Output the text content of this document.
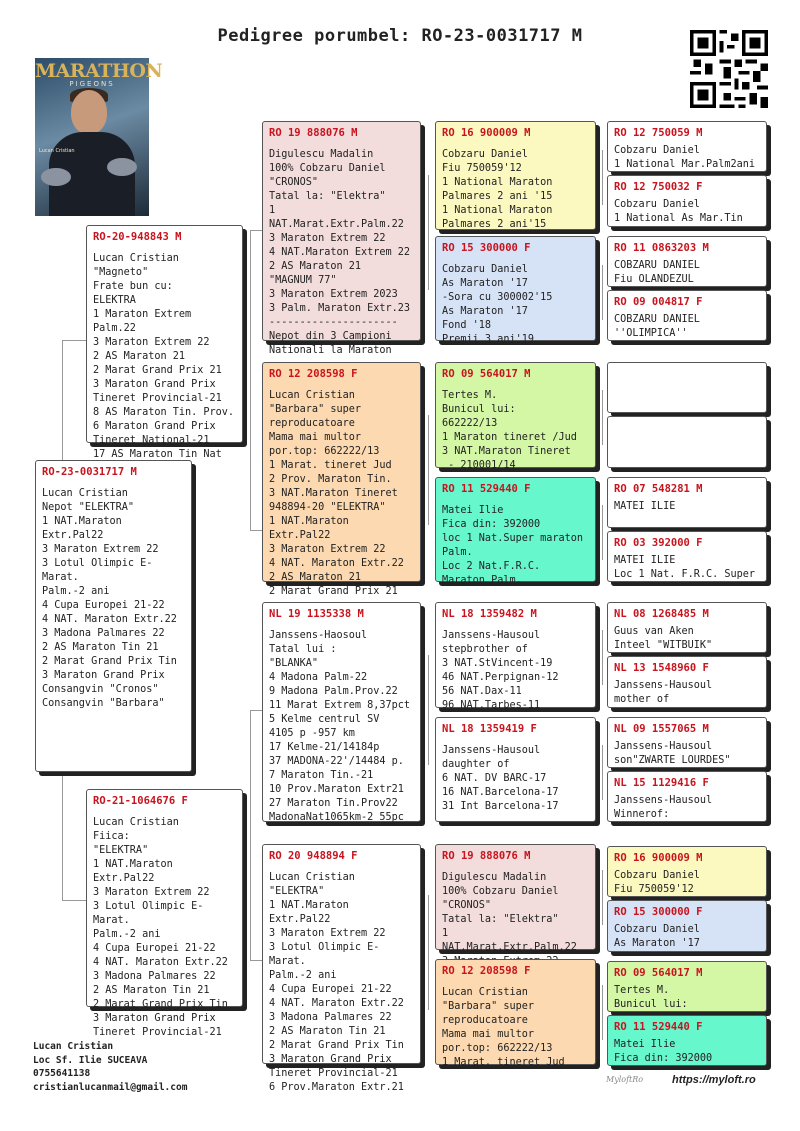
Pedigree porumbel: RO-23-0031717 M
MARATHON
PIGEONS
Lucan Cristian
RO-23-0031717 M
Lucan Cristian
Nepot "ELEKTRA"
1 NAT.Maraton Extr.Pal22
3 Maraton Extrem 22
3 Lotul Olimpic E-Marat.
Palm.-2 ani
4 Cupa Europei 21-22
4 NAT. Maraton Extr.22
3 Madona Palmares 22
2 AS Maraton Tin 21
2 Marat Grand Prix Tin
3 Maraton Grand Prix
Consangvin "Cronos"
Consangvin "Barbara"
RO-20-948843 M
Lucan Cristian
"Magneto"
Frate bun cu:
ELEKTRA
1 Maraton Extrem Palm.22
3 Maraton Extrem 22
2 AS Maraton 21
2 Marat Grand Prix 21
3 Maraton Grand Prix
Tineret Provincial-21
8 AS Maraton Tin. Prov.
6 Maraton Grand Prix
Tineret National-21
17 AS Maraton Tin Nat
RO-21-1064676 F
Lucan Cristian
Fiica:
"ELEKTRA"
1 NAT.Maraton Extr.Pal22
3 Maraton Extrem 22
3 Lotul Olimpic E-Marat.
Palm.-2 ani
4 Cupa Europei 21-22
4 NAT. Maraton Extr.22
3 Madona Palmares 22
2 AS Maraton Tin 21
2 Marat Grand Prix Tin
3 Maraton Grand Prix
Tineret Provincial-21
RO 19 888076 M
Digulescu Madalin
100% Cobzaru Daniel
"CRONOS"
Tatal la: "Elektra"
1 NAT.Marat.Extr.Palm.22
3 Maraton Extrem 22
4 NAT.Maraton Extrem 22
2 AS Maraton 21
"MAGNUM 77"
3 Maraton Extrem 2023
3 Palm. Maraton Extr.23
---------------------
Nepot din 3 Campioni
Nationali la Maraton
RO 12 208598 F
Lucan Cristian
"Barbara" super
reproducatoare
Mama mai multor
por.top: 662222/13
1 Marat. tineret Jud
2 Prov. Maraton Tin.
3 NAT.Maraton Tineret
948894-20 "ELEKTRA"
1 NAT.Maraton Extr.Pal22
3 Maraton Extrem 22
4 NAT. Maraton Extr.22
2 AS Maraton 21
2 Marat Grand Prix 21
NL 19 1135338 M
Janssens-Haosoul
Tatal lui :
"BLANKA"
4 Madona Palm-22
9 Madona Palm.Prov.22
11 Marat Extrem 8,37pct
5 Kelme centrul SV
4105 p -957 km
17 Kelme-21/14184p
37 MADONA-22'/14484 p.
7 Maraton Tin.-21
10 Prov.Maraton Extr21
27 Maraton Tin.Prov22
MadonaNat1065km-2 55pc
RO 20 948894 F
Lucan Cristian
"ELEKTRA"
1 NAT.Maraton Extr.Pal22
3 Maraton Extrem 22
3 Lotul Olimpic E-Marat.
Palm.-2 ani
4 Cupa Europei 21-22
4 NAT. Maraton Extr.22
3 Madona Palmares 22
2 AS Maraton Tin 21
2 Marat Grand Prix Tin
3 Maraton Grand Prix
Tineret Provincial-21
6 Prov.Maraton Extr.21
RO 16 900009 M
Cobzaru Daniel
Fiu 750059'12
1 National Maraton
Palmares 2 ani '15
1 National Maraton
Palmares 2 ani'15
RO 15 300000 F
Cobzaru Daniel
As Maraton '17
-Sora cu 300002'15
As Maraton '17
Fond '18
Premii 3 ani'19
RO 09 564017 M
Tertes M.
Bunicul lui:
662222/13
1 Maraton tineret /Jud
3 NAT.Maraton Tineret
- 210001/14
RO 11 529440 F
Matei Ilie
Fica din: 392000
loc 1 Nat.Super maraton
Palm.
Loc 2 Nat.F.R.C.
Maraton Palm.
NL 18 1359482 M
Janssens-Hausoul
stepbrother of
3 NAT.StVincent-19
46 NAT.Perpignan-12
56 NAT.Dax-11
96 NAT.Tarbes-11
NL 18 1359419 F
Janssens-Hausoul
daughter of
6 NAT. DV BARC-17
16 NAT.Barcelona-17
31 Int Barcelona-17
RO 19 888076 M
Digulescu Madalin
100% Cobzaru Daniel
"CRONOS"
Tatal la: "Elektra"
1 NAT.Marat.Extr.Palm.22

RO 12 208598 F
Lucan Cristian
"Barbara" super
reproducatoare
Mama mai multor
por.top: 662222/13
1 Marat. tineret Jud
RO 12 750059 M
Cobzaru Daniel
1 National Mar.Palm2ani
RO 12 750032 F
Cobzaru Daniel
1 National As Mar.Tin
RO 11 0863203 M
COBZARU DANIEL
Fiu OLANDEZUL
RO 09 004817 F
COBZARU DANIEL
''OLIMPICA''
RO 07 548281 M
MATEI ILIE
RO 03 392000 F
MATEI ILIE
Loc 1 Nat. F.R.C. Super
NL 08 1268485 M
Guus van Aken
Inteel "WITBUIK"
NL 13 1548960 F
Janssens-Hausoul
mother of
NL 09 1557065 M
Janssens-Hausoul
son"ZWARTE LOURDES"
NL 15 1129416 F
Janssens-Hausoul
Winnerof:
RO 16 900009 M
Cobzaru Daniel
Fiu 750059'12
RO 15 300000 F
Cobzaru Daniel
As Maraton '17
RO 09 564017 M
Tertes M.
Bunicul lui:
RO 11 529440 F
Matei Ilie
Fica din: 392000
Lucan Cristian
Loc Sf. Ilie SUCEAVA
0755641138
cristianlucanmail@gmail.com
MyloftRo	https://myloft.ro
